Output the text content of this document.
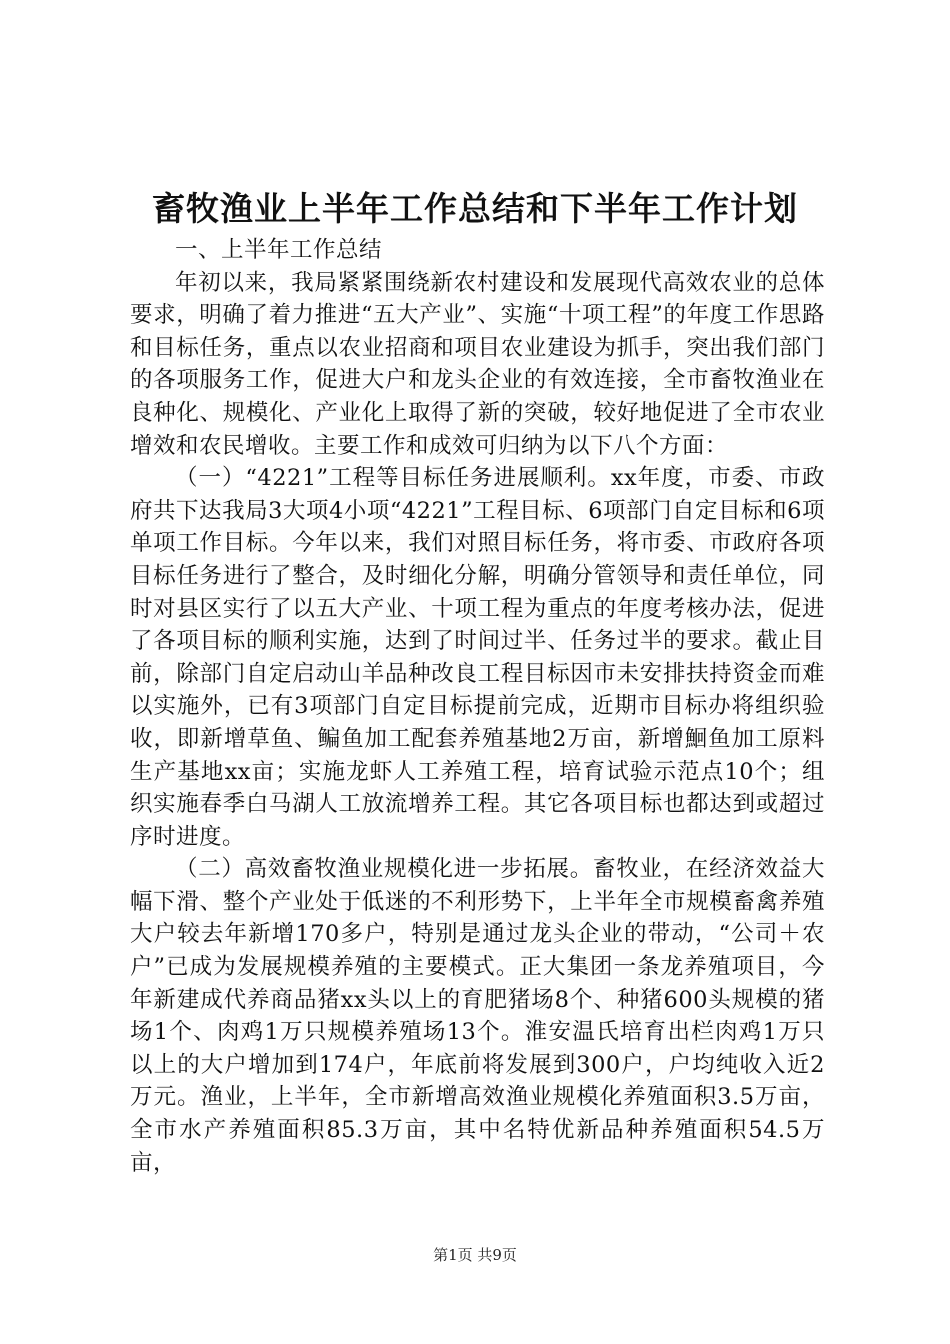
畜牧渔业上半年工作总结和下半年工作计划

一、上半年工作总结

年初以来，我局紧紧围绕新农村建设和发展现代高效农业的总体要求，明确了着力推进“五大产业”、实施“十项工程”的年度工作思路和目标任务，重点以农业招商和项目农业建设为抓手，突出我们部门的各项服务工作，促进大户和龙头企业的有效连接，全市畜牧渔业在良种化、规模化、产业化上取得了新的突破，较好地促进了全市农业增效和农民增收。主要工作和成效可归纳为以下八个方面：

（一）“4221”工程等目标任务进展顺利。xx年度，市委、市政府共下达我局3大项4小项“4221”工程目标、6项部门自定目标和6项单项工作目标。今年以来，我们对照目标任务，将市委、市政府各项目标任务进行了整合，及时细化分解，明确分管领导和责任单位，同时对县区实行了以五大产业、十项工程为重点的年度考核办法，促进了各项目标的顺利实施，达到了时间过半、任务过半的要求。截止目前，除部门自定启动山羊品种改良工程目标因市未安排扶持资金而难以实施外，已有3项部门自定目标提前完成，近期市目标办将组织验收，即新增草鱼、鳊鱼加工配套养殖基地2万亩，新增鮰鱼加工原料生产基地xx亩；实施龙虾人工养殖工程，培育试验示范点10个；组织实施春季白马湖人工放流增养工程。其它各项目标也都达到或超过序时进度。

（二）高效畜牧渔业规模化进一步拓展。畜牧业，在经济效益大幅下滑、整个产业处于低迷的不利形势下，上半年全市规模畜禽养殖大户较去年新增170多户，特别是通过龙头企业的带动，“公司＋农户”已成为发展规模养殖的主要模式。正大集团一条龙养殖项目，今年新建成代养商品猪xx头以上的育肥猪场8个、种猪600头规模的猪场1个、肉鸡1万只规模养殖场13个。淮安温氏培育出栏肉鸡1万只以上的大户增加到174户，年底前将发展到300户，户均纯收入近2万元。渔业，上半年，全市新增高效渔业规模化养殖面积3.5万亩，全市水产养殖面积85.3万亩，其中名特优新品种养殖面积54.5万亩，

第1页 共9页
